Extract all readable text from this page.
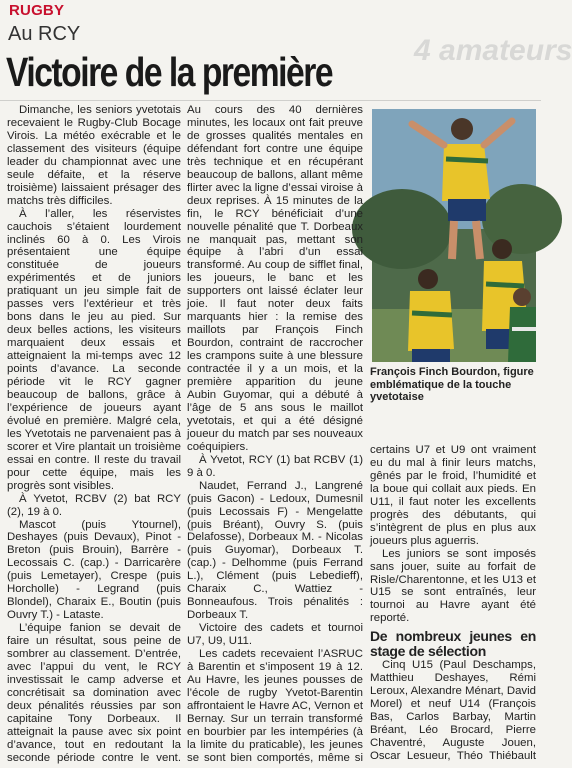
RUGBY
Au RCY
Victoire de la première	4 amateurs
François Finch Bourdon, figure emblématique de la touche yvetotaise

Dimanche, les seniors yvetotais recevaient le Rugby-Club Bocage Virois. La météo exécrable et le classement des visiteurs (équipe leader du championnat avec une seule défaite, et la réserve troisième) laissaient présager des matchs très difficiles.

À l’aller, les réservistes cauchois s’étaient lourdement inclinés 60 à 0. Les Virois présentaient une équipe constituée de joueurs expérimentés et de juniors pratiquant un jeu simple fait de passes vers l’extérieur et très bons dans le jeu au pied. Sur deux belles actions, les visiteurs marquaient deux essais et atteignaient la mi-temps avec 12 points d’avance. La seconde période vit le RCY gagner beaucoup de ballons, grâce à l’expérience de joueurs ayant évolué en première. Malgré cela, les Yvetotais ne parvenaient pas à scorer et Vire plantait un troisième essai en contre. Il reste du travail pour cette équipe, mais les progrès sont visibles.

À Yvetot, RCBV (2) bat RCY (2), 19 à 0.

Mascot (puis Ytournel), Deshayes (puis Devaux), Pinot - Breton (puis Brouin), Barrère - Lecossais C. (cap.) - Darricarère (puis Lemetayer), Crespe (puis Horcholle) - Legrand (puis Blondel), Charaix E., Boutin (puis Ouvry T.) - Lataste.

L’équipe fanion se devait de faire un résultat, sous peine de sombrer au classement. D’entrée, avec l’appui du vent, le RCY investissait le camp adverse et concrétisait sa domination avec deux pénalités réussies par son capitaine Tony Dorbeaux. Il atteignait la pause avec six point d’avance, tout en redoutant la seconde période contre le vent.

Au cours des 40 dernières minutes, les locaux ont fait preuve de grosses qualités mentales en défendant fort contre une équipe très technique et en récupérant beaucoup de ballons, allant même flirter avec la ligne d’essai viroise à deux reprises. À 15 minutes de la fin, le RCY bénéficiait d’une nouvelle pénalité que T. Dorbeaux ne manquait pas, mettant son équipe à l’abri d’un essai transformé. Au coup de sifflet final, les joueurs, le banc et les supporters ont laissé éclater leur joie. Il faut noter deux faits marquants hier : la remise des maillots par François Finch Bourdon, contraint de raccrocher les crampons suite à une blessure contractée il y a un mois, et la première apparition du jeune Aubin Guyomar, qui a débuté à l’âge de 5 ans sous le maillot yvetotais, et qui a été désigné joueur du match par ses nouveaux coéquipiers.

À Yvetot, RCY (1) bat RCBV (1) 9 à 0.

Naudet, Ferrand J., Langrené (puis Gacon) - Ledoux, Dumesnil (puis Lecossais F) - Mengelatte (puis Bréant), Ouvry S. (puis Delafosse), Dorbeaux M. - Nicolas (puis Guyomar), Dorbeaux T. (cap.) - Delhomme (puis Ferrand L.), Clément (puis Lebedieff), Charaix C., Wattiez - Bonneaufous. Trois pénalités : Dorbeaux T.

Victoire des cadets et tournoi U7, U9, U11.

Les cadets recevaient l’ASRUC à Barentin et s’imposent 19 à 12. Au Havre, les jeunes pousses de l’école de rugby Yvetot-Barentin affrontaient le Havre AC, Vernon et Bernay. Sur un terrain transformé en bourbier par les intempéries (à la limite du praticable), les jeunes se sont bien comportés, même si

certains U7 et U9 ont vraiment eu du mal à finir leurs matchs, gênés par le froid, l’humidité et la boue qui collait aux pieds. En U11, il faut noter les excellents progrès des débutants, qui s’intègrent de plus en plus aux joueurs plus aguerris.

Les juniors se sont imposés sans jouer, suite au forfait de Risle/Charentonne, et les U13 et U15 se sont entraînés, leur tournoi au Havre ayant été reporté.

De nombreux jeunes en stage de sélection

Cinq U15 (Paul Deschamps, Matthieu Deshayes, Rémi Leroux, Alexandre Ménart, David Morel) et neuf U14 (François Bas, Carlos Barbay, Martin Bréant, Léo Brocard, Pierre Chaventré, Auguste Jouen, Oscar Lesueur, Théo Thiébault
